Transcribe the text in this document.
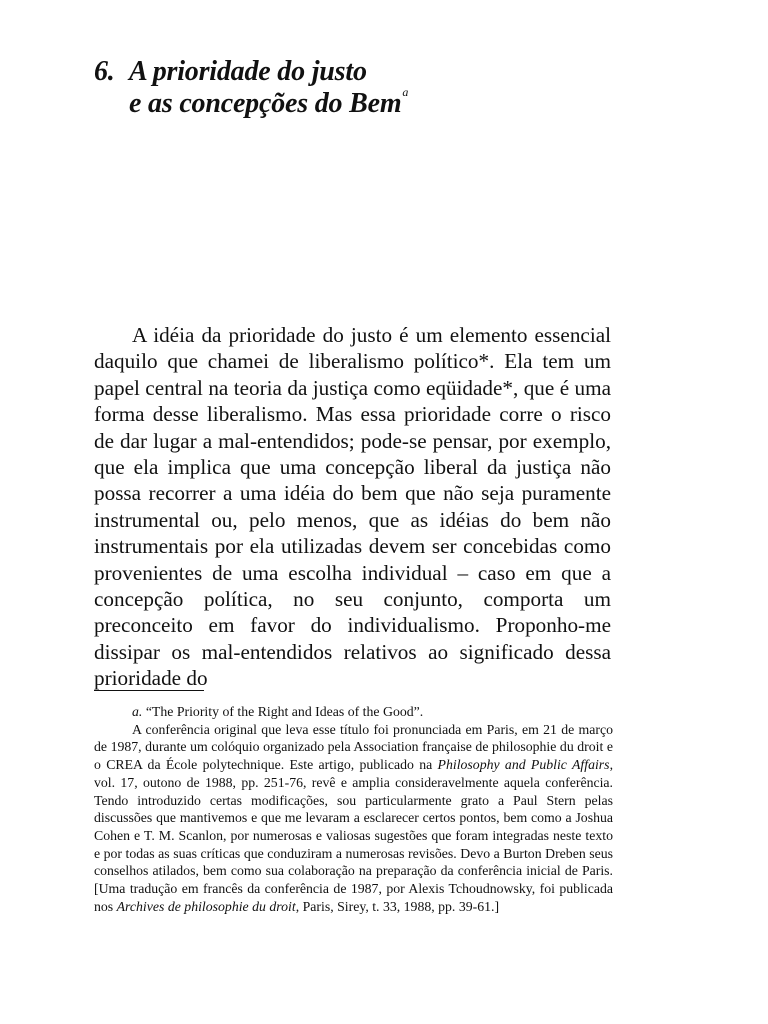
6. A prioridade do justo
e as concepções do Bem$^a$

A idéia da prioridade do justo é um elemento essencial daquilo que chamei de liberalismo político*. Ela tem um papel central na teoria da justiça como eqüidade*, que é uma forma desse liberalismo. Mas essa prioridade corre o risco de dar lugar a mal-entendidos; pode-se pensar, por exemplo, que ela implica que uma concepção liberal da justiça não possa recorrer a uma idéia do bem que não seja puramente instrumental ou, pelo menos, que as idéias do bem não instrumentais por ela utilizadas devem ser concebidas como provenientes de uma escolha individual – caso em que a concepção política, no seu conjunto, comporta um preconceito em favor do individualismo. Proponho-me dissipar os mal-entendidos relativos ao significado dessa prioridade do

a. “The Priority of the Right and Ideas of the Good”.

A conferência original que leva esse título foi pronunciada em Paris, em 21 de março de 1987, durante um colóquio organizado pela Association française de philosophie du droit e o CREA da École polytechnique. Este artigo, publicado na Philosophy and Public Affairs, vol. 17, outono de 1988, pp. 251-76, revê e amplia consideravelmente aquela conferência. Tendo introduzido certas modificações, sou particularmente grato a Paul Stern pelas discussões que mantivemos e que me levaram a esclarecer certos pontos, bem como a Joshua Cohen e T. M. Scanlon, por numerosas e valiosas sugestões que foram integradas neste texto e por todas as suas críticas que conduziram a numerosas revisões. Devo a Burton Dreben seus conselhos atilados, bem como sua colaboração na preparação da conferência inicial de Paris. [Uma tradução em francês da conferência de 1987, por Alexis Tchoudnowsky, foi publicada nos Archives de philosophie du droit, Paris, Sirey, t. 33, 1988, pp. 39-61.]
